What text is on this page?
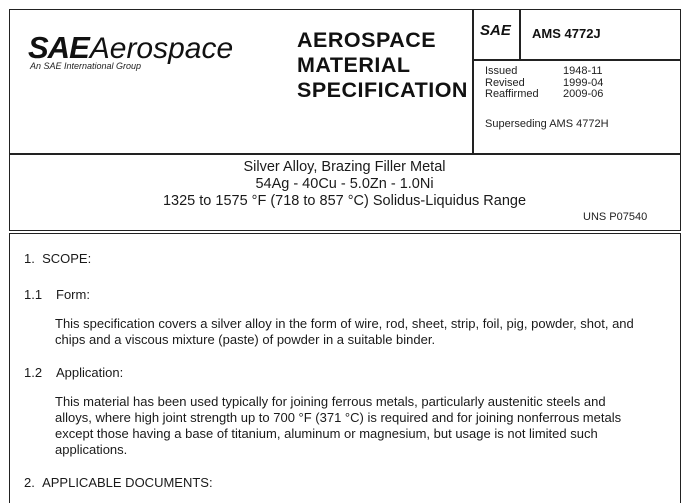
SAEAerospace
An SAE International Group
AEROSPACE
MATERIAL
SPECIFICATION
SAE AMS 4772J
Issued	1948-11
Revised	1999-04
Reaffirmed	2009-06
Superseding AMS 4772H
Silver Alloy, Brazing Filler Metal
54Ag - 40Cu - 5.0Zn - 1.0Ni
1325 to 1575 °F (718 to 857 °C) Solidus-Liquidus Range
UNS P07540
1. SCOPE:
1.1 Form:
This specification covers a silver alloy in the form of wire, rod, sheet, strip, foil, pig, powder, shot, and
chips and a viscous mixture (paste) of powder in a suitable binder.
1.2 Application:
This material has been used typically for joining ferrous metals, particularly austenitic steels and
alloys, where high joint strength up to 700 °F (371 °C) is required and for joining nonferrous metals
except those having a base of titanium, aluminum or magnesium, but usage is not limited such
applications.
2. APPLICABLE DOCUMENTS:
